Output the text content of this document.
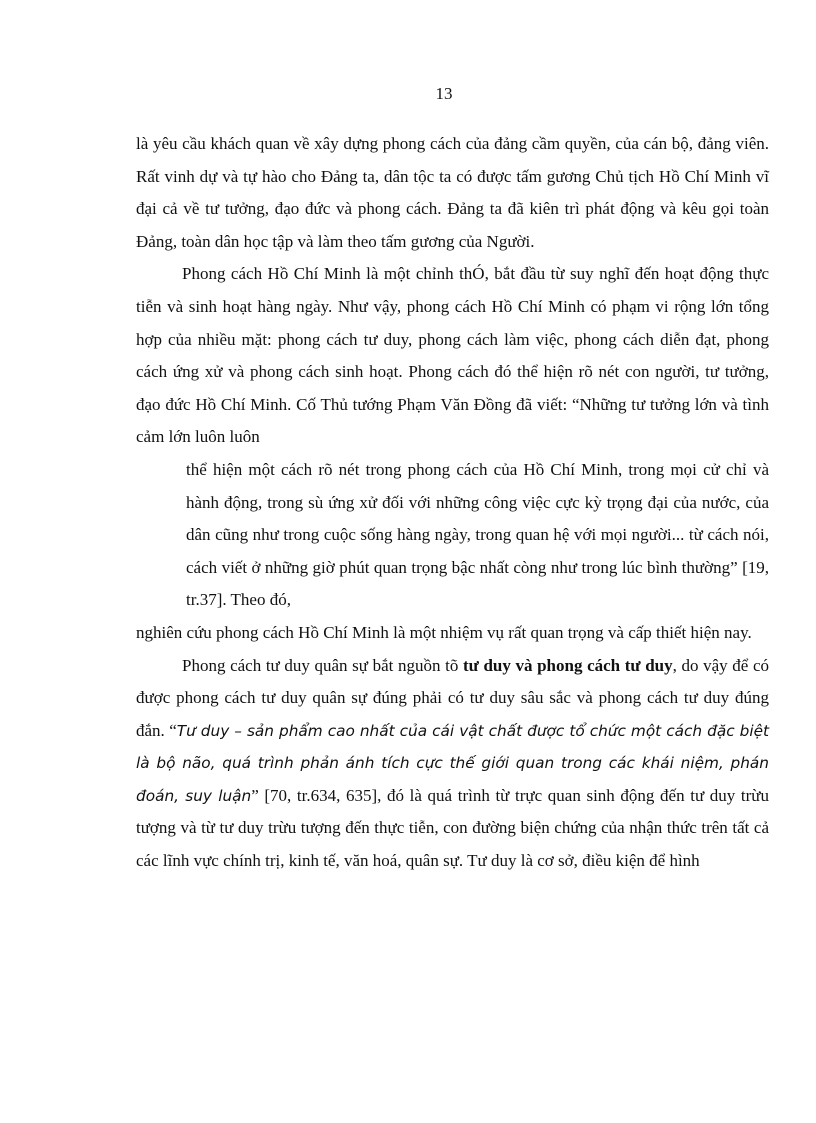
13

là yêu cầu khách quan về xây dựng phong cách của đảng cầm quyền, của cán bộ, đảng viên. Rất vinh dự và tự hào cho Đảng ta, dân tộc ta có được tấm gương Chủ tịch Hồ Chí Minh vĩ đại cả về tư tưởng, đạo đức và phong cách. Đảng ta đã kiên trì phát động và kêu gọi toàn Đảng, toàn dân học tập và làm theo tấm gương của Người.

Phong cách Hồ Chí Minh là một chỉnh thÓ, bắt đầu từ suy nghĩ đến hoạt động thực tiễn và sinh hoạt hàng ngày. Như vậy, phong cách Hồ Chí Minh có phạm vi rộng lớn tổng hợp của nhiều mặt: phong cách tư duy, phong cách làm việc, phong cách diễn đạt, phong cách ứng xử và phong cách sinh hoạt. Phong cách đó thể hiện rõ nét con người, tư tưởng, đạo đức Hồ Chí Minh. Cố Thủ tướng Phạm Văn Đồng đã viết: “Những tư tưởng lớn và tình cảm lớn luôn luôn

thể hiện một cách rõ nét trong phong cách của Hồ Chí Minh, trong mọi cử chỉ và hành động, trong sù ứng xử đối với những công việc cực kỳ trọng đại của nước, của dân cũng như trong cuộc sống hàng ngày, trong quan hệ với mọi người... từ cách nói, cách viết ở những giờ phút quan trọng bậc nhất còng như trong lúc bình thường” [19, tr.37]. Theo đó,

nghiên cứu phong cách Hồ Chí Minh là một nhiệm vụ rất quan trọng và cấp thiết hiện nay.

Phong cách tư duy quân sự bắt nguồn tõ tư duy và phong cách tư duy, do vậy để có được phong cách tư duy quân sự đúng phải có tư duy sâu sắc và phong cách tư duy đúng đắn. “Tư duy – sản phẩm cao nhất của cái vật chất được tổ chức một cách đặc biệt là bộ não, quá trình phản ánh tích cực thế giới quan trong các khái niệm, phán đoán, suy luận” [70, tr.634, 635], đó là quá trình từ trực quan sinh động đến tư duy trừu tượng và từ tư duy trừu tượng đến thực tiễn, con đường biện chứng của nhận thức trên tất cả các lĩnh vực chính trị, kinh tế, văn hoá, quân sự. Tư duy là cơ sở, điều kiện để hình
